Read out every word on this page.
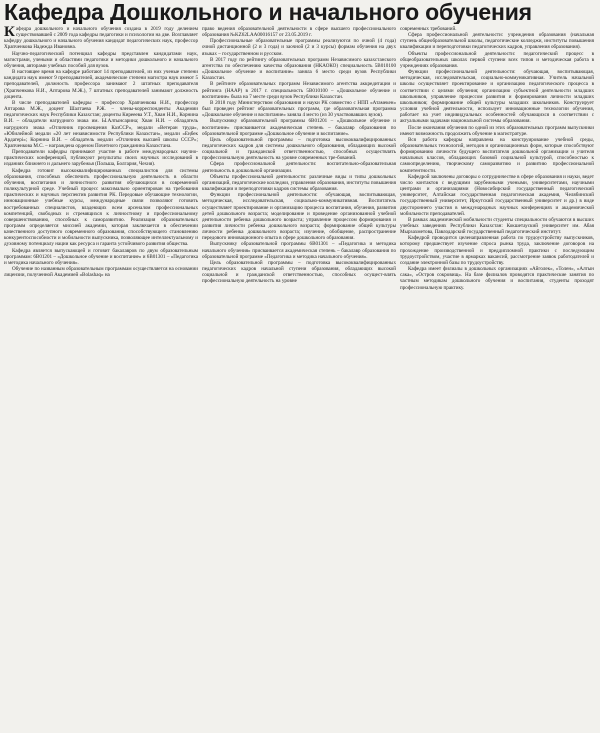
Кафедра Дошкольного и начального обучения

Кафедра дошкольного и начального обучения создана в 2019 году делением существовавшей с 2009 года кафедры педагогики и психологии на две. Возглавляет кафедру дошкольного и начального обучения кандидат педагогических наук, профессор Храпченкова Надежда Ивановна.

Научно-педагогический потенциал кафедры представлен кандидатами наук, магистрами, учеными и областями педагогики и методики дошкольного и начального обучения, авторами учебных пособий для вузов.

В настоящее время на кафедре работают 14 преподавателей, из них ученые степени кандидата наук имеют 9 преподавателей, академические степени магистра наук имеют 5 преподавателей, должность профессора занимают 2 штатных преподавателя (Храпченкова Н.И., Аптарова М.Ж.), 7 штатных преподавателей занимают должность доцента.

В числе преподавателей кафедры – профессор Храпченкова Н.И., профессор Аптарова М.Ж., доцент Шалтаева Р.Ж. – члены-корреспонденты Академии педагогических наук Республики Казахстан; доценты Кирееева У.Т., Хван Н.И., Корнина В.И. – обладатели нагрудного знака им. Ы.Алтынсарина; Хван Н.И. – обладатель нагрудного знака «Отличник просвещения КазССР», медали «Ветеран труда», «Юбилейной медали «20 лет независимости Республики Казахстан», медали «Еңбек Ардагері»; Корнина В.И. – обладатель медали «Отличник высшей школы СССР»; Храпченкова М.С. – награждена орденом Почетного гражданина Казахстана.

Преподаватели кафедры принимают участие в работе международных научно-практических конференций, публикуют результаты своих научных исследований в изданиях ближнего и дальнего зарубежья (Польша, Болгария, Чехия).

Кафедра готовит высококвалифицированных специалистов для системы образования, способных обеспечить профессиональную деятельность в области обучения, воспитания и личностного развития обучающихся в современной поликультурной среде. Учебный процесс максимально ориентирован на требования практических и научных перспектив развития РК. Передовые обучающие технологии, инновационные учебные курсы, международные связи позволяют готовить востребованных специалистов, владеющих всем арсеналом профессиональных компетенций, свободных и стремящихся к личностному и профессиональному совершенствованию, способных к саморазвитию. Реализация образовательных программ определяется миссией академии, которая заключается в обеспечении качественного доступного современного образования, способствующего становлению конкурентоспособности и мобильности выпускника, позволяющее интеллектуальному и духовному потенциалу нации как ресурса и гаранта устойчивого развития общества.

Кафедра является выпускающей и готовит бакалавров по двум образовательным программам: 6В01201 – «Дошкольное обучение и воспитание» и 6В01301 – «Педагогика и методика начального обучения».

Обучение по названным образовательным программам осуществляется на основании лицензии, полученной Академией «Bolashaq» на

право ведения образовательной деятельности в сфере высшего профессионального образования №KZ62LAA00016157 от 23.05.2019 г.

Профессиональные образовательные программы реализуются по очной (4 года) очной дистанционной (2 и 3 года) и заочной (2 и 3 курсы) формам обучения на двух языках – государственном и русском.

В 2017 году по рейтингу образовательных программ Независимого казахстанского агентства по обеспечению качества образования (НКАОКО) специальность 5В010100 «Дошкольное обучение и воспитание» заняла 6 место среди вузов Республики Казахстан.

В рейтинге образовательных программ Независимого агентства аккредитации и рейтинга (НААР) в 2017 г. специальность 5В010100 – «Дошкольное обучение и воспитание» была на 7 месте среди вузов Республики Казахстан.

В 2018 году Министерством образования и науки РК совместно с НПП «Атамекен» был проведен рейтинг образовательных программ, где образовательная программа «Дошкольное обучение и воспитание» заняла 4 место (из 30 участвовавших вузов).

Выпускнику образовательной программы 6В01201 – «Дошкольное обучение и воспитание» присваивается академическая степень – бакалавр образования по образовательной программе «Дошкольное обучение и воспитание».

Цель образовательной программы – подготовка высококвалифицированных педагогических кадров для системы дошкольного образования, обладающих высокой социальной и гражданской ответственностью, способных осуществлять профессиональную деятельность на уровне современных тре-бований.

Сфера профессиональной деятельности: воспитательно-образовательная деятельность в дошкольной организации.

Объекты профессиональной деятельности: различные виды и типы дошкольных организаций, педагогические колледжи, управления образования, институты повышения квалификации и переподготовки кадров системы образования.

Функции профессиональной деятельности: обучающая, воспитывающая, методическая, исследовательская, социально-коммуникативная. Воспитатель осуществляет проектирование и организацию процесса воспитания, обучения, развития детей дошкольного возраста; моделирование и проведение организованной учебной деятельности ребенка дошкольного возраста; управление процессом формирования и развития личности ребенка дошкольного возраста; формирование общей культуры личности ребенка дошкольного возраста; изучение, обобщение, распространение передового инновационного опыта в сфере дошкольного образования.

Выпускнику образовательной программы 6В01301 – «Педагогика и методика начального обучения» присваивается академическая степень – бакалавр образования по образовательной программе «Педагогика и методика начального обучения».

Цель образовательной программы – подготовка высококвалифицированных педагогических кадров начальной ступени образования, обладающих высокой социальной и гражданской ответственностью, способных осущест-влять профессиональную деятельность на уровне

современных требований.

Сфера профессиональной деятельности: учреждения образования (начальная ступень общеобразовательной школы, педагогические колледжи, институты повышения квалификации и переподготовки педагогических кадров, управления образования).

Объекты профессиональной деятельности: педагогический процесс в общеобразовательных школах первой ступени всех типов и методическая работа в учреждениях образования.

Функции профессиональной деятельности: обучающая, воспитывающая, методическая, исследовательская, социально-коммуникативная. Учитель начальной школы осуществляет проектирование и организацию педагогического процесса в соответствии с целями обучения; организацию субъектной деятельности младших школьников, управление процессом развития и формирования личности младших школьников; формирование общей культуры младших школьников. Конструирует условия учебной деятельности, использует инновационные технологии обучения, работает на учет индивидуальных особенностей обучающихся в соответствии с актуальными задачами национальной системы образования.

После окончания обучения по одной из этих образовательных программ выпускники имеют возможность продолжить обучение в магистратуре.

Вся работа кафедры направлена на конструирование учебной среды, образовательных технологий, методов и организационных форм, которые способствуют формированию личности будущего воспитателя дошкольной организации и учителя начальных классов, обладающих базовой социальной культурой, способностью к самоопределению, творческому саморазвитию и развитию профессиональной компетентности.

Кафедрой заключены договоры о сотрудничестве в сфере образования и науки, ведет число контактов с ведущими зарубежными учеными, университетами, научными центрами и организациями (Новосибирский государственный педагогический университет, Алтайская государственная педагогическая академия, Челябинский государственный университет, Иркутский государственный университет и др.) в виде двустороннего участия в международных научных конференциях и академической мобильности преподавателей.

В рамках академической мобильности студенты специальности обучаются в высших учебных заведениях Республики Казахстан: Кокшетауский университет им. Абая Мырзахметова, Павлодарский государственный педагогический институт.

Кафедрой проводится целенаправленная работа по трудоустройству выпускников, которому предшествует изучение спроса рынка труда, заключение договоров на прохождение производственной и преддипломной практики с последующим трудоустройством, участие в ярмарках вакансий, рассмотрение заявок работодателей и создание электронной базы по трудоустройству.

Кафедра имеет филиалы в дошкольных организациях «Айголек», «Толен», «Алтын сака», «Остров сокровищ». На базе филиалов проводятся практические занятия по частным методикам дошкольного обучения и воспитания, студенты проходят профессиональную практику.
